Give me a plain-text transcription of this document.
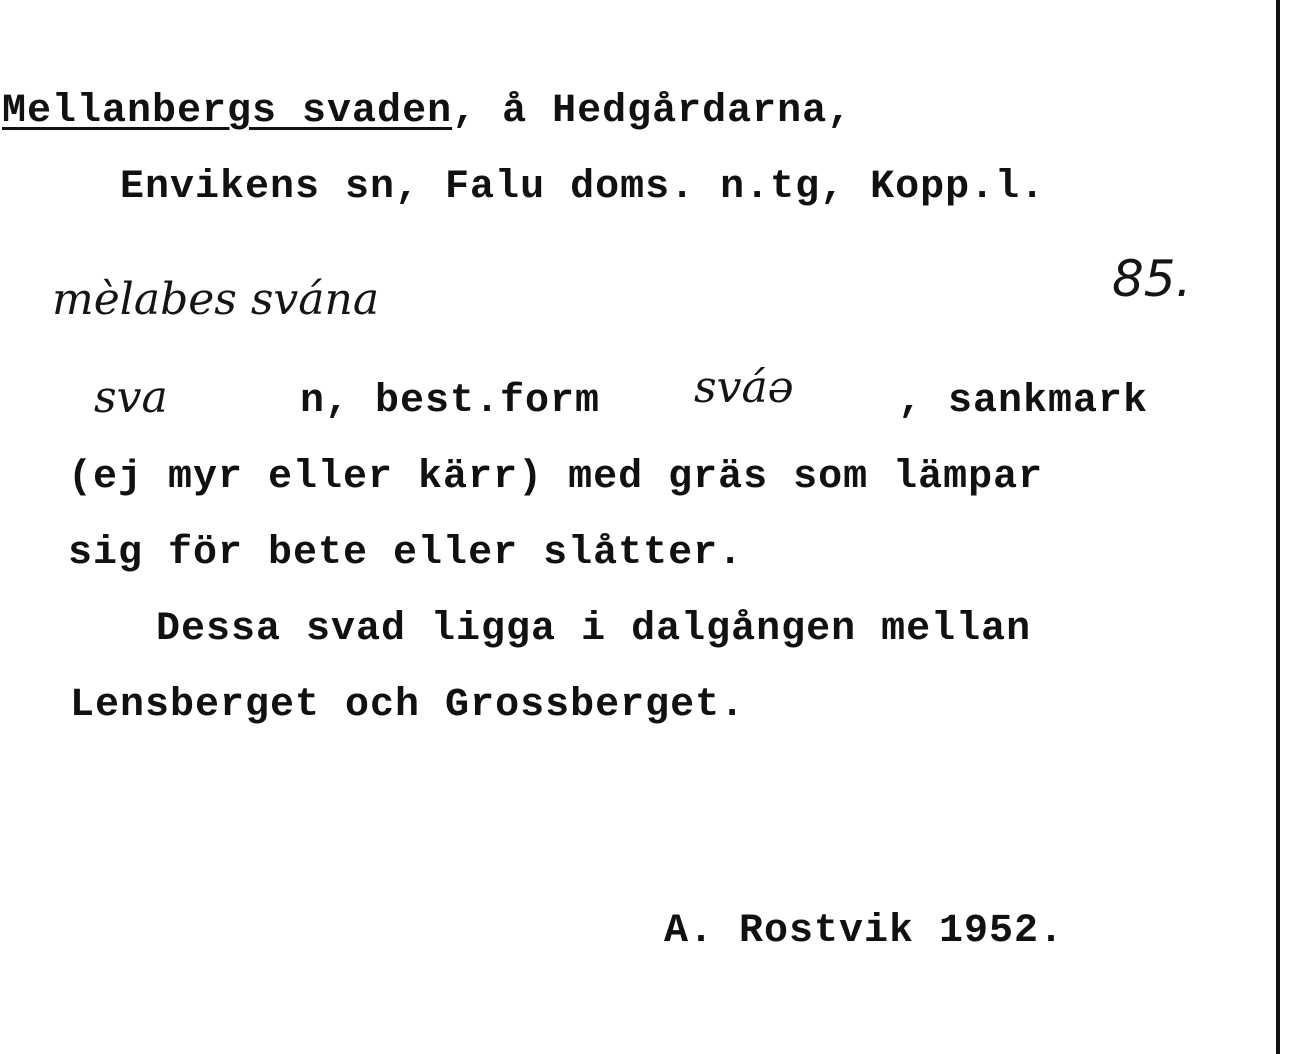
Mellanbergs svaden, å Hedgårdarna,
Envikens sn, Falu doms. n.tg, Kopp.l.
mèlabes svánа	85.
svа	n, best.form svа́ə	, sankmark
(ej myr eller kärr) med gräs som lämpar
sig för bete eller slåtter.
Dessa svad ligga i dalgången mellan
Lensberget och Grossberget.
A. Rostvik 1952.
